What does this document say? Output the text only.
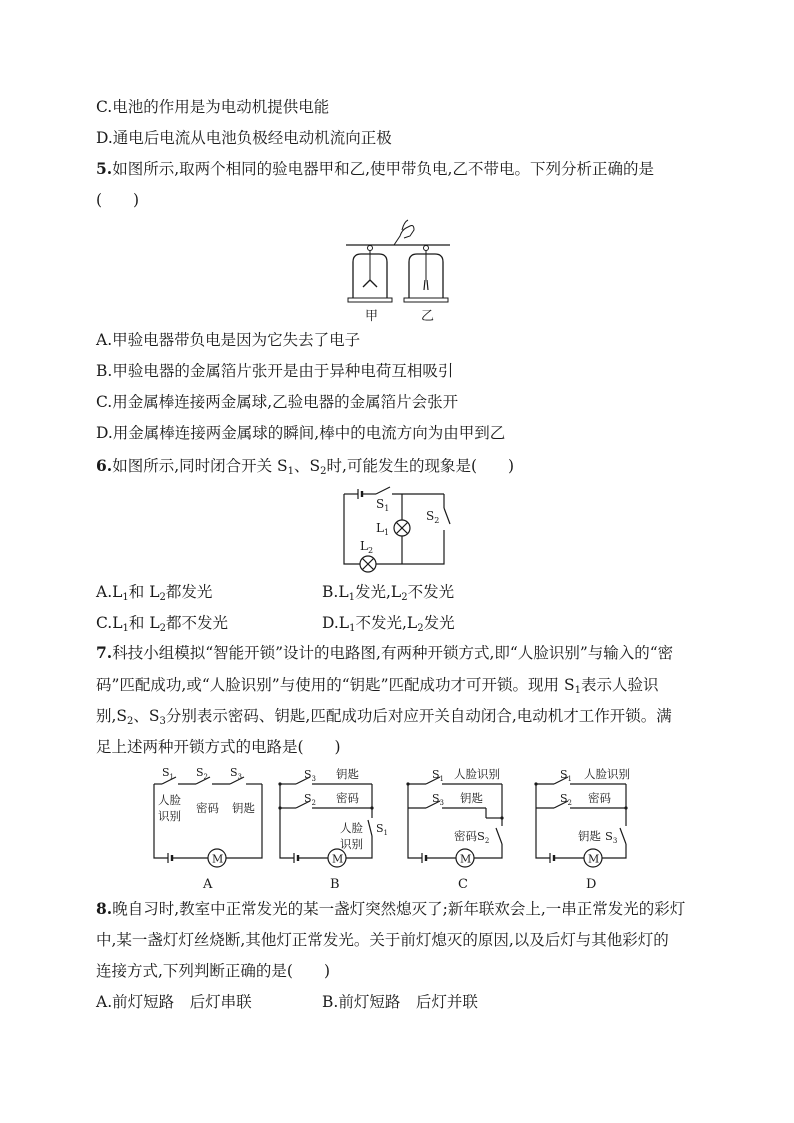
C.电池的作用是为电动机提供电能
D.通电后电流从电池负极经电动机流向正极
5.如图所示,取两个相同的验电器甲和乙,使甲带负电,乙不带电。下列分析正确的是
(　　)
甲	乙
A.甲验电器带负电是因为它失去了电子
B.甲验电器的金属箔片张开是由于异种电荷互相吸引
C.用金属棒连接两金属球,乙验电器的金属箔片会张开
D.用金属棒连接两金属球的瞬间,棒中的电流方向为由甲到乙
6.如图所示,同时闭合开关 $S_1$、$S_2$时,可能发生的现象是(　　)
$S_1$
$L_1$
$S_2$
$L_2$
$A.L_1$和 $L_2$都发光	$B.L_1$发光$,L_2$不发光
$C.L_1$和 $L_2$都不发光	$D.L_1$不发光$,L_2$发光
7.科技小组模拟“智能开锁”设计的电路图,有两种开锁方式,即“人脸识别”与输入的“密
码”匹配成功,或“人脸识别”与使用的“钥匙”匹配成功才可开锁。现用 $S_1$表示人验识
别$,S_2$、$S_3$分别表示密码、钥匙,匹配成功后对应开关自动闭合,电动机才工作开锁。满
足上述两种开锁方式的电路是(　　)
M
$S_1$ $S_2$ $S_3$
人脸
识别
密码 钥匙
A
M
$S_3$ 钥匙
$S_2$ 密码
人脸
识别
$S_1$
B
M
$S_1$ 人脸识别
$S_3$ 钥匙
密码$S_2$
C
M
$S_1$ 人脸识别
$S_2$ 密码
钥匙 $S_3$
D
8.晚自习时,教室中正常发光的某一盏灯突然熄灭了;新年联欢会上,一串正常发光的彩灯
中,某一盏灯灯丝烧断,其他灯正常发光。关于前灯熄灭的原因,以及后灯与其他彩灯的
连接方式,下列判断正确的是(　　)
A.前灯短路　后灯串联	B.前灯短路　后灯并联
